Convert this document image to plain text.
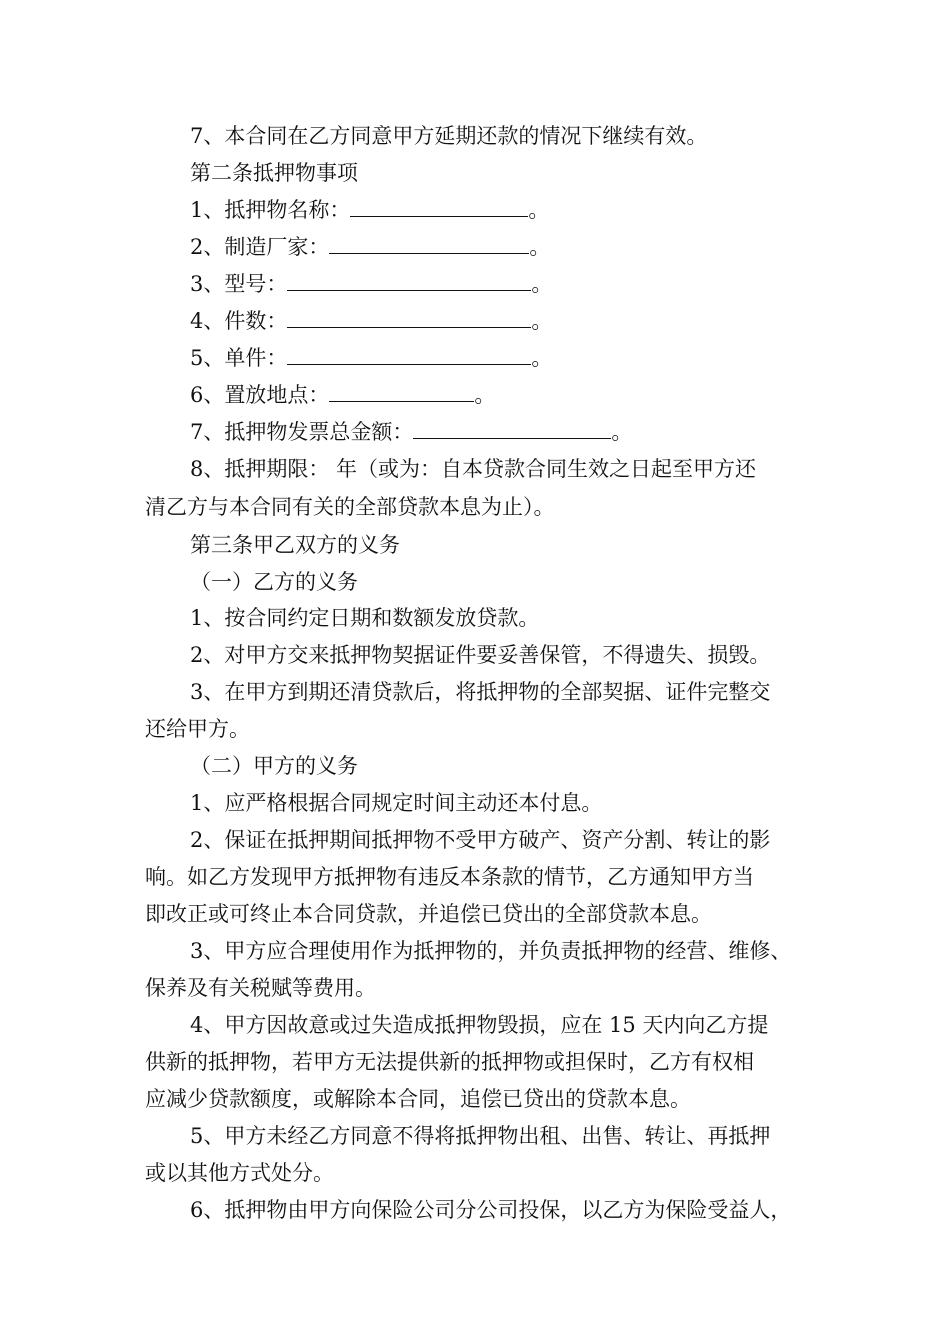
7、本合同在乙方同意甲方延期还款的情况下继续有效。
第二条抵押物事项
1、抵押物名称：	。
2、制造厂家：	。
3、型号：	。
4、件数：	。
5、单件：	。
6、置放地点：	。
7、抵押物发票总金额：	。
8、抵押期限： 年（或为：自本贷款合同生效之日起至甲方还
清乙方与本合同有关的全部贷款本息为止）。
第三条甲乙双方的义务
（一）乙方的义务
1、按合同约定日期和数额发放贷款。
2、对甲方交来抵押物契据证件要妥善保管，不得遗失、损毁。
3、在甲方到期还清贷款后，将抵押物的全部契据、证件完整交
还给甲方。
（二）甲方的义务
1、应严格根据合同规定时间主动还本付息。
2、保证在抵押期间抵押物不受甲方破产、资产分割、转让的影
响。如乙方发现甲方抵押物有违反本条款的情节，乙方通知甲方当
即改正或可终止本合同贷款，并追偿已贷出的全部贷款本息。
3、甲方应合理使用作为抵押物的，并负责抵押物的经营、维修、
保养及有关税赋等费用。
4、甲方因故意或过失造成抵押物毁损，应在 15 天内向乙方提
供新的抵押物，若甲方无法提供新的抵押物或担保时，乙方有权相
应减少贷款额度，或解除本合同，追偿已贷出的贷款本息。
5、甲方未经乙方同意不得将抵押物出租、出售、转让、再抵押
或以其他方式处分。
6、抵押物由甲方向保险公司分公司投保，以乙方为保险受益人，
